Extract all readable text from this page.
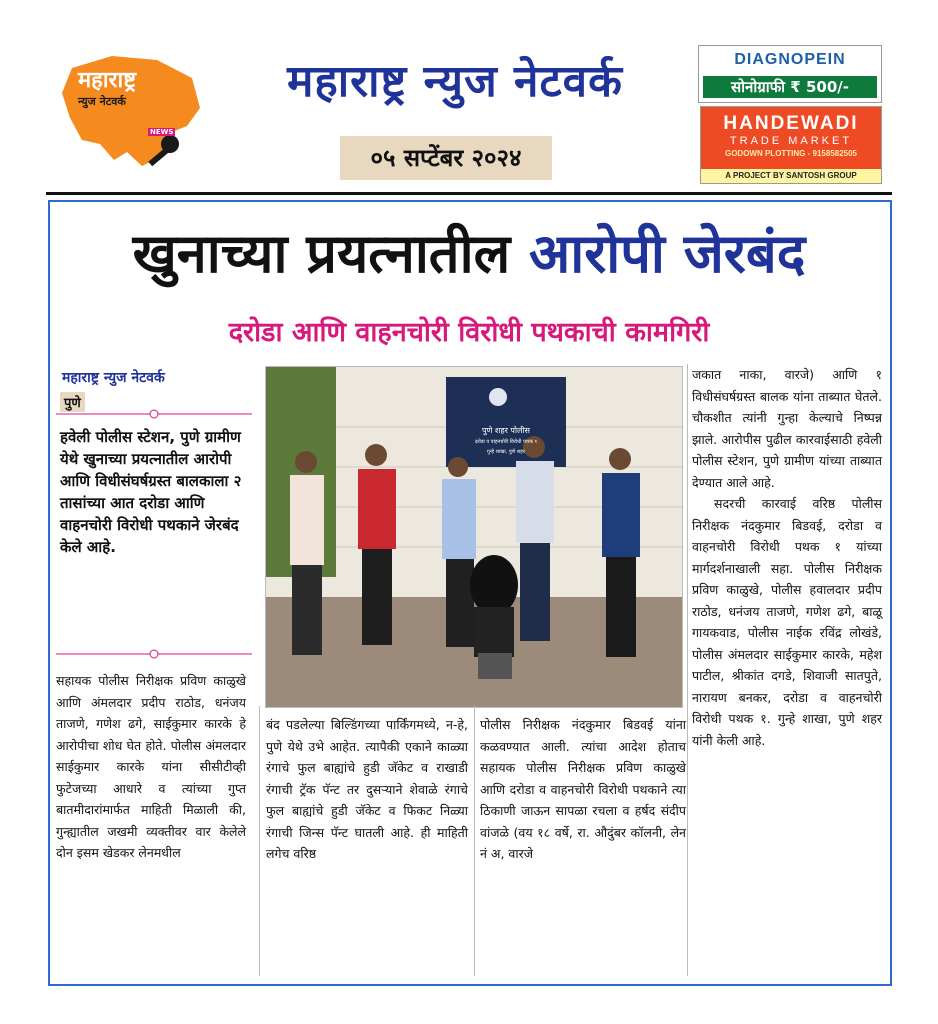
महाराष्ट्र
न्युज नेटवर्क
NEWS
महाराष्ट्र न्युज नेटवर्क
०५ सप्टेंबर २०२४
DIAGNOPEIN
सोनोग्राफी ₹ 500/-
HANDEWADI
TRADE MARKET
GODOWN PLOTTING - 9158582505
A PROJECT BY SANTOSH GROUP
खुनाच्या प्रयत्नातील आरोपी जेरबंद
दरोडा आणि वाहनचोरी विरोधी पथकाची कामगिरी
महाराष्ट्र न्युज नेटवर्क
पुणे
हवेली पोलीस स्टेशन, पुणे ग्रामीण येथे खुनाच्या प्रयत्नातील आरोपी आणि विधीसंघर्षग्रस्त बालकाला २ तासांच्या आत दरोडा आणि वाहनचोरी विरोधी पथकाने जेरबंद केले आहे.
पुणे शहर पोलीस
दरोडा व वाहनचोरी विरोधी पथक १
गुन्हे शाखा, पुणे शहर
सहायक पोलीस निरीक्षक प्रविण काळुखे आणि अंमलदार प्रदीप राठोड, धनंजय ताजणे, गणेश ढगे, साईकुमार कारके हे आरोपीचा शोध घेत होते. पोलीस अंमलदार साईकुमार कारके यांना सीसीटीव्ही फुटेजच्या आधारे व त्यांच्या गुप्त बातमीदारांमार्फत माहिती मिळाली की, गुन्ह्यातील जखमी व्यक्तीवर वार केलेले दोन इसम खेडकर लेनमधील
बंद पडलेल्या बिल्डिंगच्या पार्किंगमध्ये, न-हे, पुणे येथे उभे आहेत. त्यापैकी एकाने काळ्या रंगाचे फुल बाह्यांचे हुडी जॅकेट व राखाडी रंगाची ट्रॅक पॅन्ट तर दुसऱ्याने शेवाळे रंगाचे फुल बाह्यांचे हुडी जॅकेट व फिकट निळ्या रंगाची जिन्स पॅन्ट घातली आहे. ही माहिती लगेच वरिष्ठ
पोलीस निरीक्षक नंदकुमार बिडवई यांना कळवण्यात आली. त्यांचा आदेश होताच सहायक पोलीस निरीक्षक प्रविण काळुखे आणि दरोडा व वाहनचोरी विरोधी पथकाने त्या ठिकाणी जाऊन सापळा रचला व हर्षद संदीप वांजळे (वय १८ वर्षे, रा. औदुंबर कॉलनी, लेन नं अ, वारजे
जकात नाका, वारजे) आणि १ विधीसंघर्षग्रस्त बालक यांना ताब्यात घेतले. चौकशीत त्यांनी गुन्हा केल्याचे निष्पन्न झाले. आरोपीस पुढील कारवाईसाठी हवेली पोलीस स्टेशन, पुणे ग्रामीण यांच्या ताब्यात देण्यात आले आहे.
सदरची कारवाई वरिष्ठ पोलीस निरीक्षक नंदकुमार बिडवई, दरोडा व वाहनचोरी विरोधी पथक १ यांच्या मार्गदर्शनाखाली सहा. पोलीस निरीक्षक प्रविण काळुखे, पोलीस हवालदार प्रदीप राठोड, धनंजय ताजणे, गणेश ढगे, बाळू गायकवाड, पोलीस नाईक रविंद्र लोखंडे, पोलीस अंमलदार साईकुमार कारके, महेश पाटील, श्रीकांत दगडे, शिवाजी सातपुते, नारायण बनकर, दरोडा व वाहनचोरी विरोधी पथक १. गुन्हे शाखा, पुणे शहर यांनी केली आहे.
